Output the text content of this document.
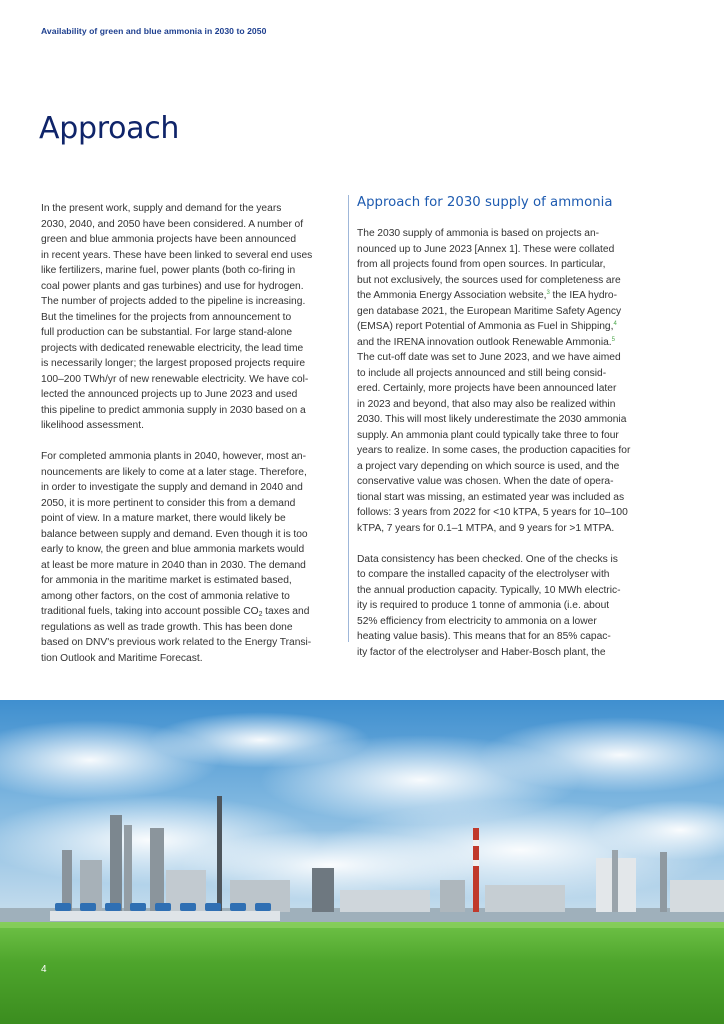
Availability of green and blue ammonia in 2030 to 2050
Approach

In the present work, supply and demand for the years
2030, 2040, and 2050 have been considered. A number of
green and blue ammonia projects have been announced
in recent years. These have been linked to several end uses
like fertilizers, marine fuel, power plants (both co-firing in
coal power plants and gas turbines) and use for hydrogen.
The number of projects added to the pipeline is increasing.
But the timelines for the projects from announcement to
full production can be substantial. For large stand-alone
projects with dedicated renewable electricity, the lead time
is necessarily longer; the largest proposed projects require
100–200 TWh/yr of new renewable electricity. We have col-
lected the announced projects up to June 2023 and used
this pipeline to predict ammonia supply in 2030 based on a
likelihood assessment.

For completed ammonia plants in 2040, however, most an-
nouncements are likely to come at a later stage. Therefore,
in order to investigate the supply and demand in 2040 and
2050, it is more pertinent to consider this from a demand
point of view. In a mature market, there would likely be
balance between supply and demand. Even though it is too
early to know, the green and blue ammonia markets would
at least be more mature in 2040 than in 2030. The demand
for ammonia in the maritime market is estimated based,
among other factors, on the cost of ammonia relative to
traditional fuels, taking into account possible $CO_2$ taxes and
regulations as well as trade growth. This has been done
based on DNV's previous work related to the Energy Transi-
tion Outlook and Maritime Forecast.

Approach for 2030 supply of ammonia

The 2030 supply of ammonia is based on projects an-
nounced up to June 2023 [Annex 1]. These were collated
from all projects found from open sources. In particular,
but not exclusively, the sources used for completeness are
the Ammonia Energy Association website,$^3$ the IEA hydro-
gen database 2021, the European Maritime Safety Agency
(EMSA) report Potential of Ammonia as Fuel in Shipping,$^4$
and the IRENA innovation outlook Renewable Ammonia.$^5$
The cut-off date was set to June 2023, and we have aimed
to include all projects announced and still being consid-
ered. Certainly, more projects have been announced later
in 2023 and beyond, that also may also be realized within
2030. This will most likely underestimate the 2030 ammonia
supply. An ammonia plant could typically take three to four
years to realize. In some cases, the production capacities for
a project vary depending on which source is used, and the
conservative value was chosen. When the date of opera-
tional start was missing, an estimated year was included as
follows: 3 years from 2022 for <10 kTPA, 5 years for 10–100
kTPA, 7 years for 0.1–1 MTPA, and 9 years for >1 MTPA.

Data consistency has been checked. One of the checks is
to compare the installed capacity of the electrolyser with
the annual production capacity. Typically, 10 MWh electric-
ity is required to produce 1 tonne of ammonia (i.e. about
52% efficiency from electricity to ammonia on a lower
heating value basis). This means that for an 85% capac-
ity factor of the electrolyser and Haber-Bosch plant, the

4
